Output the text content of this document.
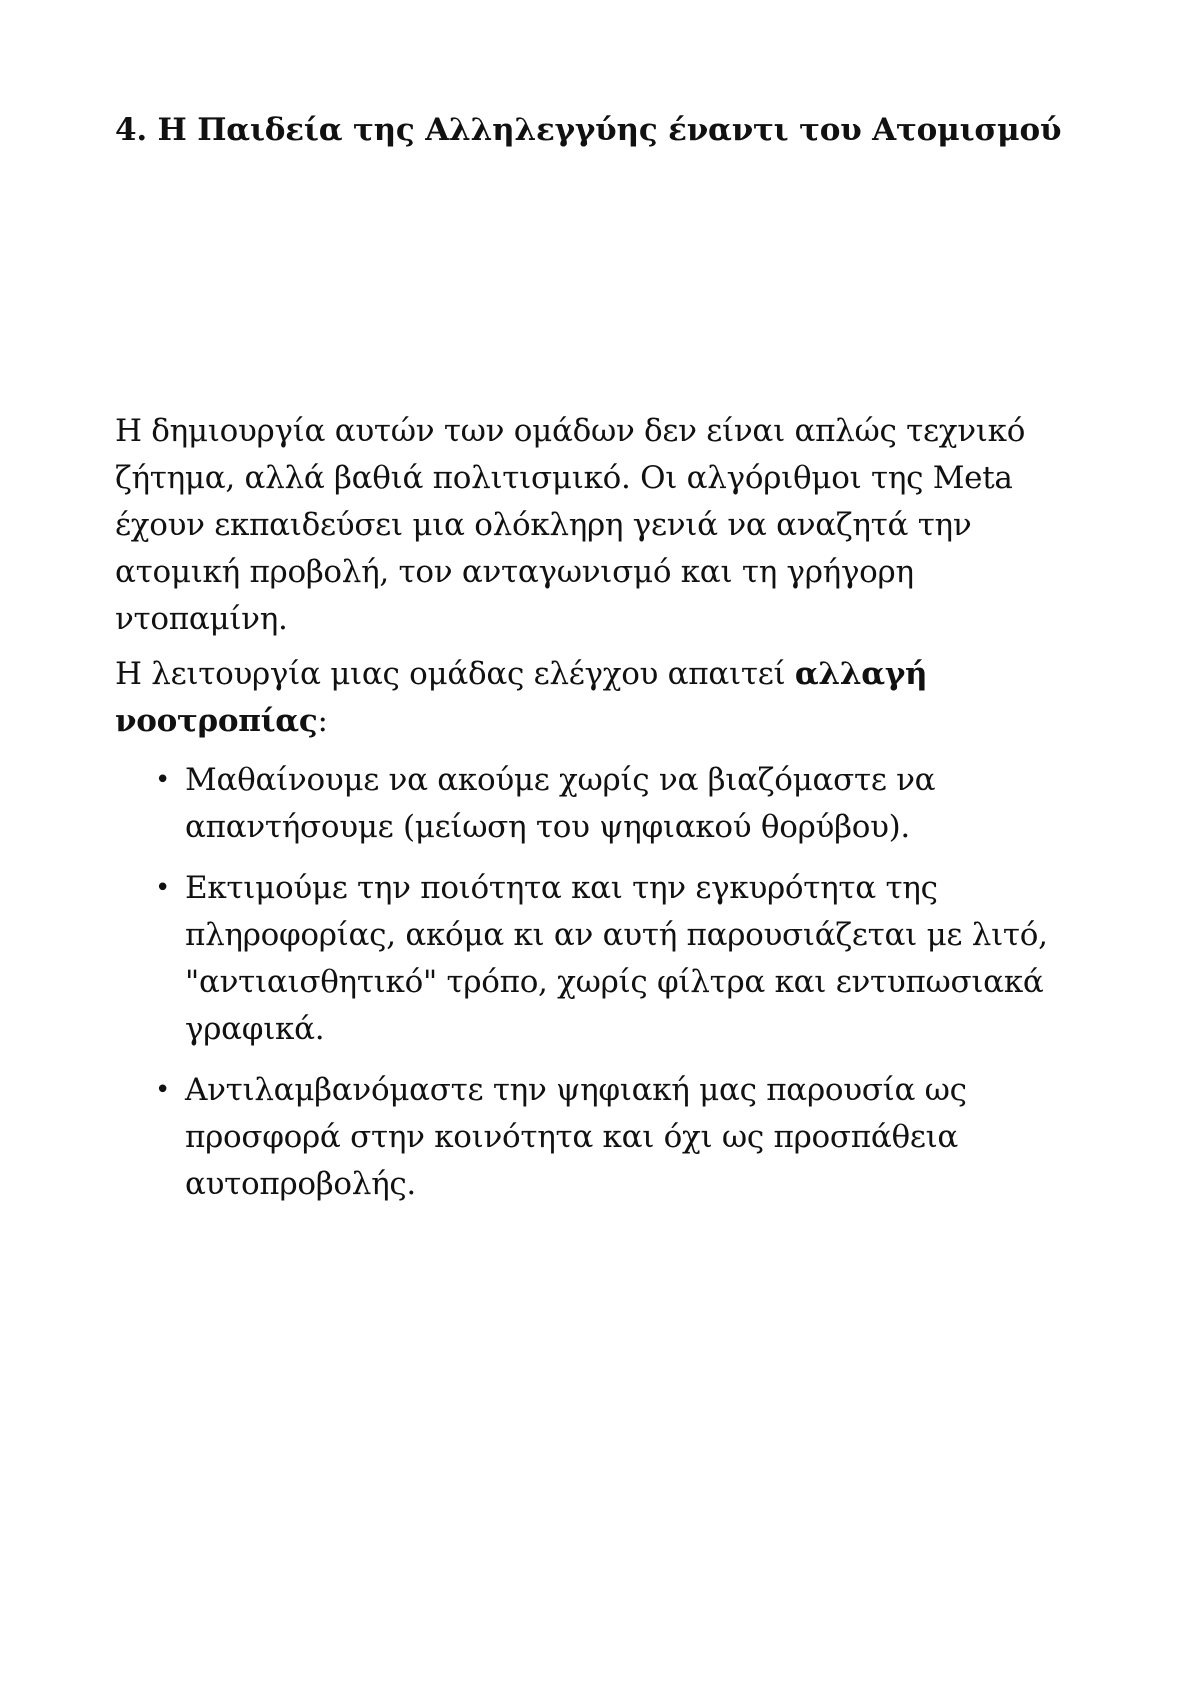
4. Η Παιδεία της Αλληλεγγύης έναντι του Ατομισμού

Η δημιουργία αυτών των ομάδων δεν είναι απλώς τεχνικό ζήτημα, αλλά βαθιά πολιτισμικό. Οι αλγόριθμοι της Meta έχουν εκπαιδεύσει μια ολόκληρη γενιά να αναζητά την ατομική προβολή, τον ανταγωνισμό και τη γρήγορη ντοπαμίνη.

Η λειτουργία μιας ομάδας ελέγχου απαιτεί αλλαγή νοοτροπίας:

• Μαθαίνουμε να ακούμε χωρίς να βιαζόμαστε να απαντήσουμε (μείωση του ψηφιακού θορύβου).
• Εκτιμούμε την ποιότητα και την εγκυρότητα της πληροφορίας, ακόμα κι αν αυτή παρουσιάζεται με λιτό, "αντιαισθητικό" τρόπο, χωρίς φίλτρα και εντυπωσιακά γραφικά.
• Αντιλαμβανόμαστε την ψηφιακή μας παρουσία ως προσφορά στην κοινότητα και όχι ως προσπάθεια αυτοπροβολής.
